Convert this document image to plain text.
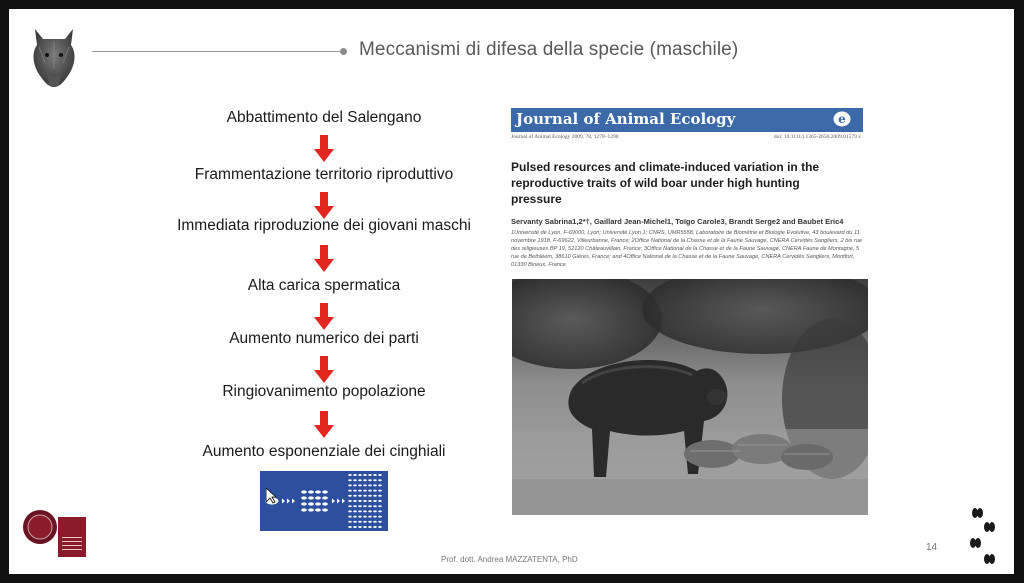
Meccanismi di difesa della specie (maschile)
Abbattimento del Salengano
Frammentazione territorio riproduttivo
Immediata riproduzione dei giovani maschi
Alta carica spermatica
Aumento numerico dei parti
Ringiovanimento popolazione
Aumento esponenziale dei cinghiali
Journal of Animal Ecology	e
Journal of Animal Ecology 2009, 78, 1278–1290	doi: 10.1111/j.1365-2656.2009.01579.x
Pulsed resources and climate-induced variation in the reproductive traits of wild boar under high hunting pressure
Servanty Sabrina1,2*†, Gaillard Jean-Michel1, Toïgo Carole3, Brandt Serge2 and Baubet Eric4
1Université de Lyon, F-69000, Lyon; Université Lyon 1; CNRS, UMR5558, Laboratoire de Biométrie et Biologie Evolutive, 43 boulevard du 11 novembre 1918, F-69622, Villeurbanne, France; 2Office National de la Chasse et de la Faune Sauvage, CNERA Cervidés Sangliers, 2 bis rue des religieuses BP 19, 52120 Châteauvillain, France; 3Office National de la Chasse et de la Faune Sauvage, CNERA Faune de Montagne, 5 rue de Bethléem, 38610 Gières, France; and 4Office National de la Chasse et de la Faune Sauvage, CNERA Cervidés Sangliers, Montfort, 01330 Birieux, France
Prof. dott. Andrea MAZZATENTA, PhD
14
